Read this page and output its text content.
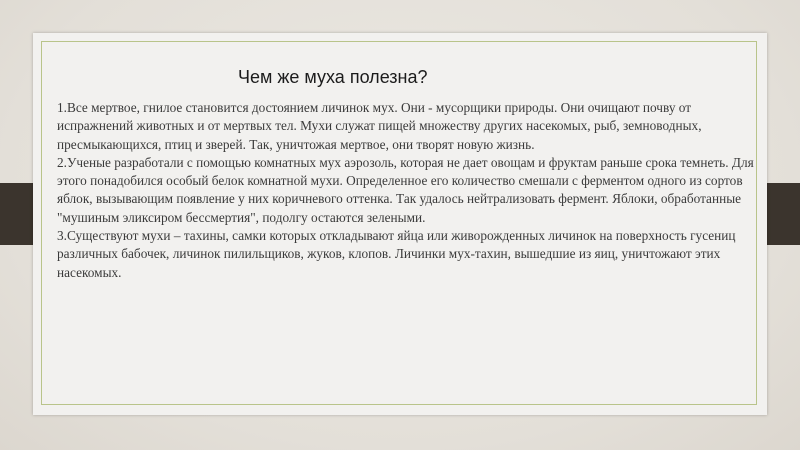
Чем же муха полезна?

1.Все мертвое, гнилое становится достоянием личинок мух. Они - мусорщики природы. Они очищают почву от испражнений животных и от мертвых тел. Мухи служат пищей множеству других насекомых, рыб, земноводных, пресмыкающихся, птиц и зверей. Так, уничтожая мертвое, они творят новую жизнь.

2.Ученые разработали с помощью комнатных мух аэрозоль, которая не дает овощам и фруктам раньше срока темнеть. Для этого понадобился особый белок комнатной мухи. Определенное его количество смешали с ферментом одного из сортов яблок, вызывающим появление у них коричневого оттенка. Так удалось нейтрализовать фермент. Яблоки, обработанные "мушиным эликсиром бессмертия", подолгу остаются зелеными.

3.Существуют мухи – тахины, самки которых откладывают яйца или живорожденных личинок на поверхность гусениц различных бабочек, личинок пилильщиков, жуков, клопов. Личинки мух-тахин, вышедшие из яиц, уничтожают этих насекомых.
